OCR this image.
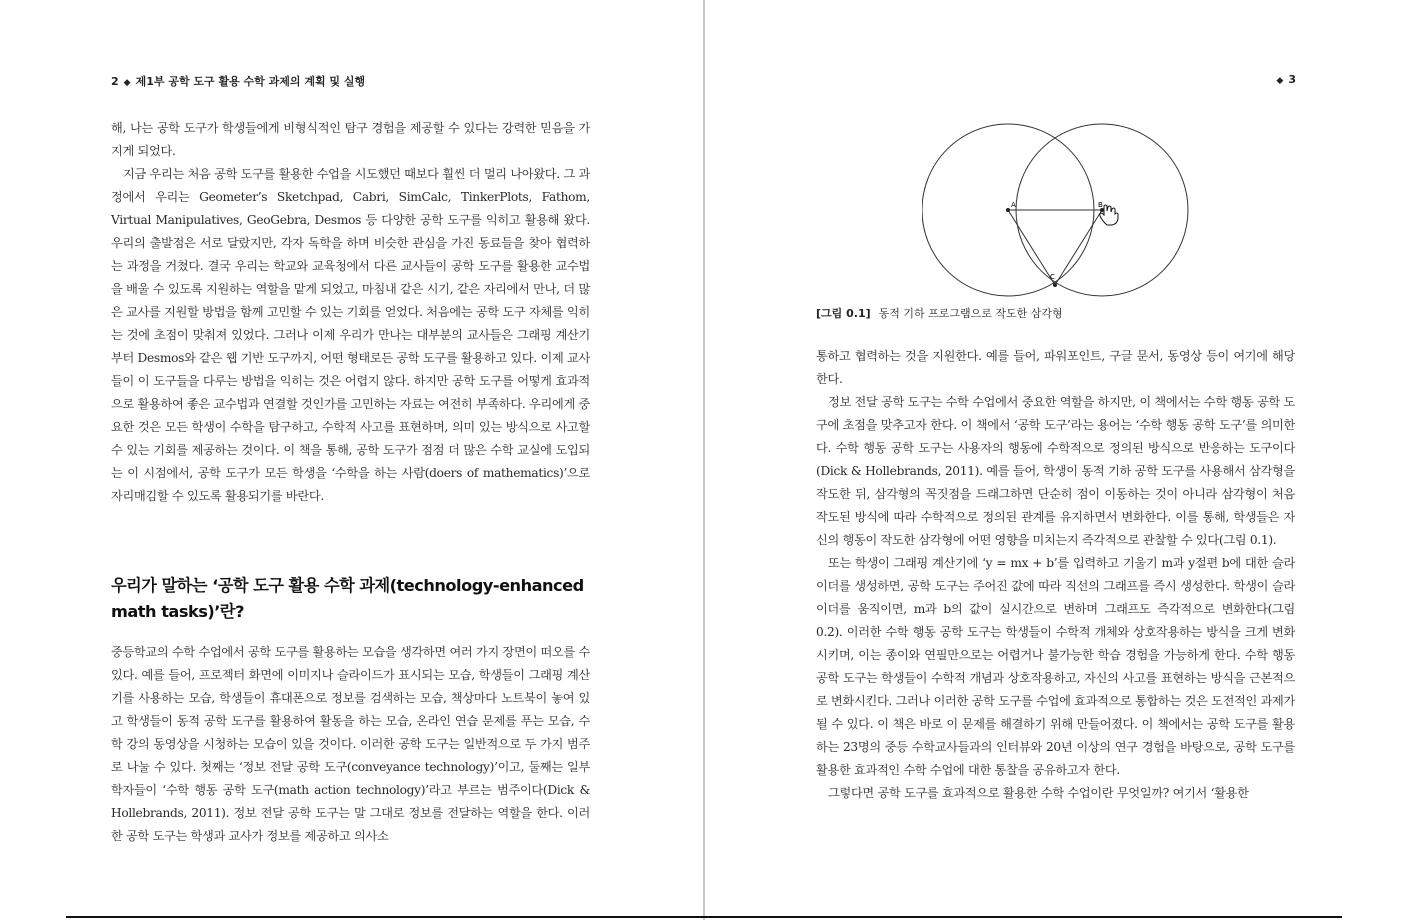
2 ◆ 제1부 공학 도구 활용 수학 과제의 계획 및 실행

해, 나는 공학 도구가 학생들에게 비형식적인 탐구 경험을 제공할 수 있다는 강력한 믿음을 가지게 되었다.

지금 우리는 처음 공학 도구를 활용한 수업을 시도했던 때보다 훨씬 더 멀리 나아왔다. 그 과정에서 우리는 Geometer’s Sketchpad, Cabri, SimCalc, TinkerPlots, Fathom, Virtual Manipulatives, GeoGebra, Desmos 등 다양한 공학 도구를 익히고 활용해 왔다. 우리의 출발점은 서로 달랐지만, 각자 독학을 하며 비슷한 관심을 가진 동료들을 찾아 협력하는 과정을 거쳤다. 결국 우리는 학교와 교육청에서 다른 교사들이 공학 도구를 활용한 교수법을 배울 수 있도록 지원하는 역할을 맡게 되었고, 마침내 같은 시기, 같은 자리에서 만나, 더 많은 교사를 지원할 방법을 함께 고민할 수 있는 기회를 얻었다. 처음에는 공학 도구 자체를 익히는 것에 초점이 맞춰져 있었다. 그러나 이제 우리가 만나는 대부분의 교사들은 그래핑 계산기부터 Desmos와 같은 웹 기반 도구까지, 어떤 형태로든 공학 도구를 활용하고 있다. 이제 교사들이 이 도구들을 다루는 방법을 익히는 것은 어렵지 않다. 하지만 공학 도구를 어떻게 효과적으로 활용하여 좋은 교수법과 연결할 것인가를 고민하는 자료는 여전히 부족하다. 우리에게 중요한 것은 모든 학생이 수학을 탐구하고, 수학적 사고를 표현하며, 의미 있는 방식으로 사고할 수 있는 기회를 제공하는 것이다. 이 책을 통해, 공학 도구가 점점 더 많은 수학 교실에 도입되는 이 시점에서, 공학 도구가 모든 학생을 ‘수학을 하는 사람(doers of mathematics)’으로 자리매김할 수 있도록 활용되기를 바란다.

우리가 말하는 ‘공학 도구 활용 수학 과제(technology-enhanced math tasks)’란?

중등학교의 수학 수업에서 공학 도구를 활용하는 모습을 생각하면 여러 가지 장면이 떠오를 수 있다. 예를 들어, 프로젝터 화면에 이미지나 슬라이드가 표시되는 모습, 학생들이 그래핑 계산기를 사용하는 모습, 학생들이 휴대폰으로 정보를 검색하는 모습, 책상마다 노트북이 놓여 있고 학생들이 동적 공학 도구를 활용하여 활동을 하는 모습, 온라인 연습 문제를 푸는 모습, 수학 강의 동영상을 시청하는 모습이 있을 것이다. 이러한 공학 도구는 일반적으로 두 가지 범주로 나눌 수 있다. 첫째는 ‘정보 전달 공학 도구(conveyance technology)’이고, 둘째는 일부 학자들이 ‘수학 행동 공학 도구(math action technology)’라고 부르는 범주이다(Dick & Hollebrands, 2011). 정보 전달 공학 도구는 말 그대로 정보를 전달하는 역할을 한다. 이러한 공학 도구는 학생과 교사가 정보를 제공하고 의사소

◆ 3
A	B
C
[그림 0.1] 동적 기하 프로그램으로 작도한 삼각형

통하고 협력하는 것을 지원한다. 예를 들어, 파워포인트, 구글 문서, 동영상 등이 여기에 해당한다.

정보 전달 공학 도구는 수학 수업에서 중요한 역할을 하지만, 이 책에서는 수학 행동 공학 도구에 초점을 맞추고자 한다. 이 책에서 ‘공학 도구’라는 용어는 ‘수학 행동 공학 도구’를 의미한다. 수학 행동 공학 도구는 사용자의 행동에 수학적으로 정의된 방식으로 반응하는 도구이다(Dick & Hollebrands, 2011). 예를 들어, 학생이 동적 기하 공학 도구를 사용해서 삼각형을 작도한 뒤, 삼각형의 꼭짓점을 드래그하면 단순히 점이 이동하는 것이 아니라 삼각형이 처음 작도된 방식에 따라 수학적으로 정의된 관계를 유지하면서 변화한다. 이를 통해, 학생들은 자신의 행동이 작도한 삼각형에 어떤 영향을 미치는지 즉각적으로 관찰할 수 있다(그림 0.1).

또는 학생이 그래핑 계산기에 ‘y = mx + b’를 입력하고 기울기 m과 y절편 b에 대한 슬라이더를 생성하면, 공학 도구는 주어진 값에 따라 직선의 그래프를 즉시 생성한다. 학생이 슬라이더를 움직이면, m과 b의 값이 실시간으로 변하며 그래프도 즉각적으로 변화한다(그림 0.2). 이러한 수학 행동 공학 도구는 학생들이 수학적 개체와 상호작용하는 방식을 크게 변화시키며, 이는 종이와 연필만으로는 어렵거나 불가능한 학습 경험을 가능하게 한다. 수학 행동 공학 도구는 학생들이 수학적 개념과 상호작용하고, 자신의 사고를 표현하는 방식을 근본적으로 변화시킨다. 그러나 이러한 공학 도구를 수업에 효과적으로 통합하는 것은 도전적인 과제가 될 수 있다. 이 책은 바로 이 문제를 해결하기 위해 만들어졌다. 이 책에서는 공학 도구를 활용하는 23명의 중등 수학교사들과의 인터뷰와 20년 이상의 연구 경험을 바탕으로, 공학 도구를 활용한 효과적인 수학 수업에 대한 통찰을 공유하고자 한다.

그렇다면 공학 도구를 효과적으로 활용한 수학 수업이란 무엇일까? 여기서 ‘활용한
